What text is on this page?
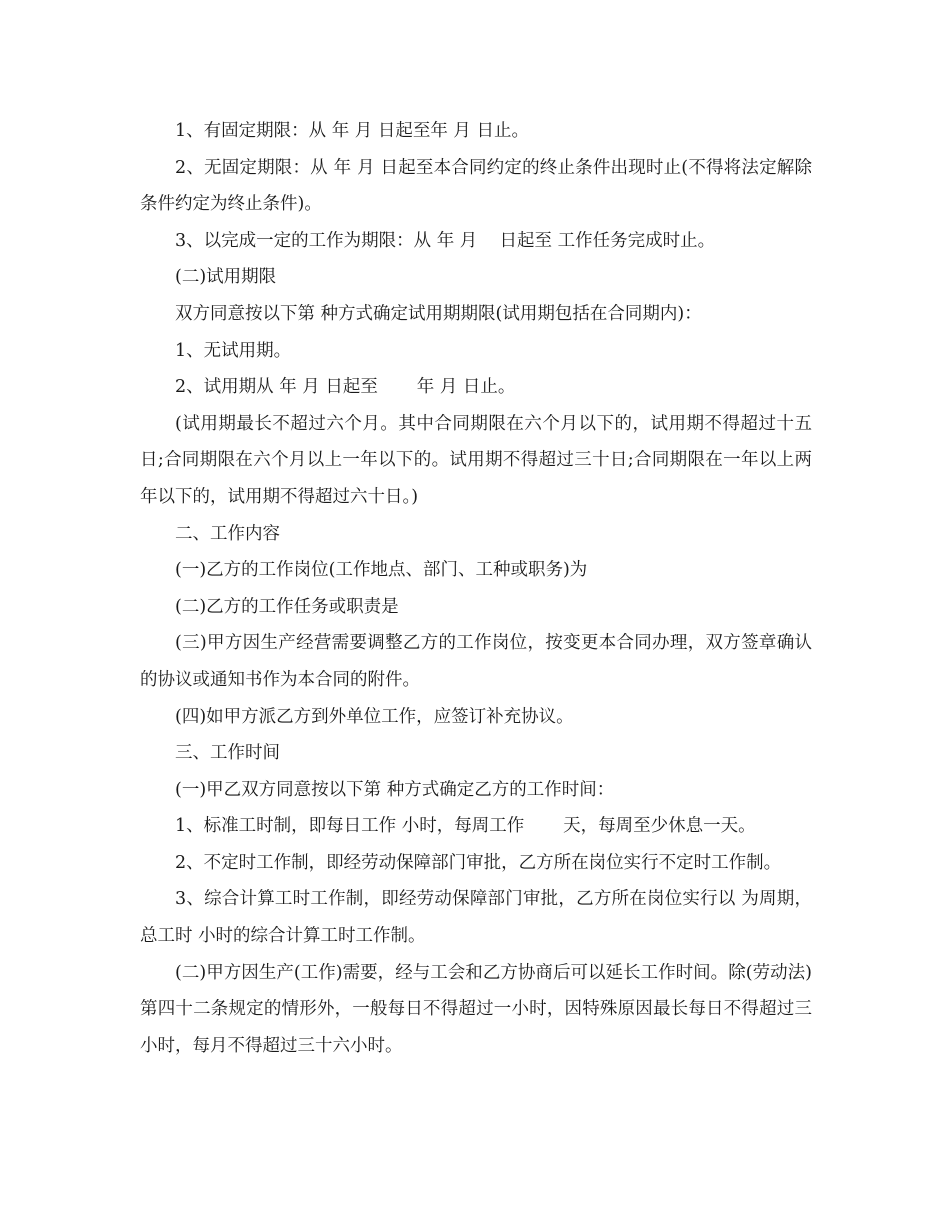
1、有固定期限：从 年 月 日起至年 月 日止。

2、无固定期限：从 年 月 日起至本合同约定的终止条件出现时止(不得将法定解除条件约定为终止条件)。

3、以完成一定的工作为期限：从 年 月    日起至 工作任务完成时止。

(二)试用期限

双方同意按以下第 种方式确定试用期期限(试用期包括在合同期内)：

1、无试用期。

2、试用期从 年 月 日起至       年 月 日止。

(试用期最长不超过六个月。其中合同期限在六个月以下的，试用期不得超过十五日;合同期限在六个月以上一年以下的。试用期不得超过三十日;合同期限在一年以上两年以下的，试用期不得超过六十日。)

二、工作内容

(一)乙方的工作岗位(工作地点、部门、工种或职务)为

(二)乙方的工作任务或职责是

(三)甲方因生产经营需要调整乙方的工作岗位，按变更本合同办理，双方签章确认的协议或通知书作为本合同的附件。

(四)如甲方派乙方到外单位工作，应签订补充协议。

三、工作时间

(一)甲乙双方同意按以下第 种方式确定乙方的工作时间：

1、标准工时制，即每日工作 小时，每周工作       天，每周至少休息一天。

2、不定时工作制，即经劳动保障部门审批，乙方所在岗位实行不定时工作制。

3、综合计算工时工作制，即经劳动保障部门审批，乙方所在岗位实行以 为周期，总工时 小时的综合计算工时工作制。

(二)甲方因生产(工作)需要，经与工会和乙方协商后可以延长工作时间。除(劳动法)第四十二条规定的情形外，一般每日不得超过一小时，因特殊原因最长每日不得超过三小时，每月不得超过三十六小时。
